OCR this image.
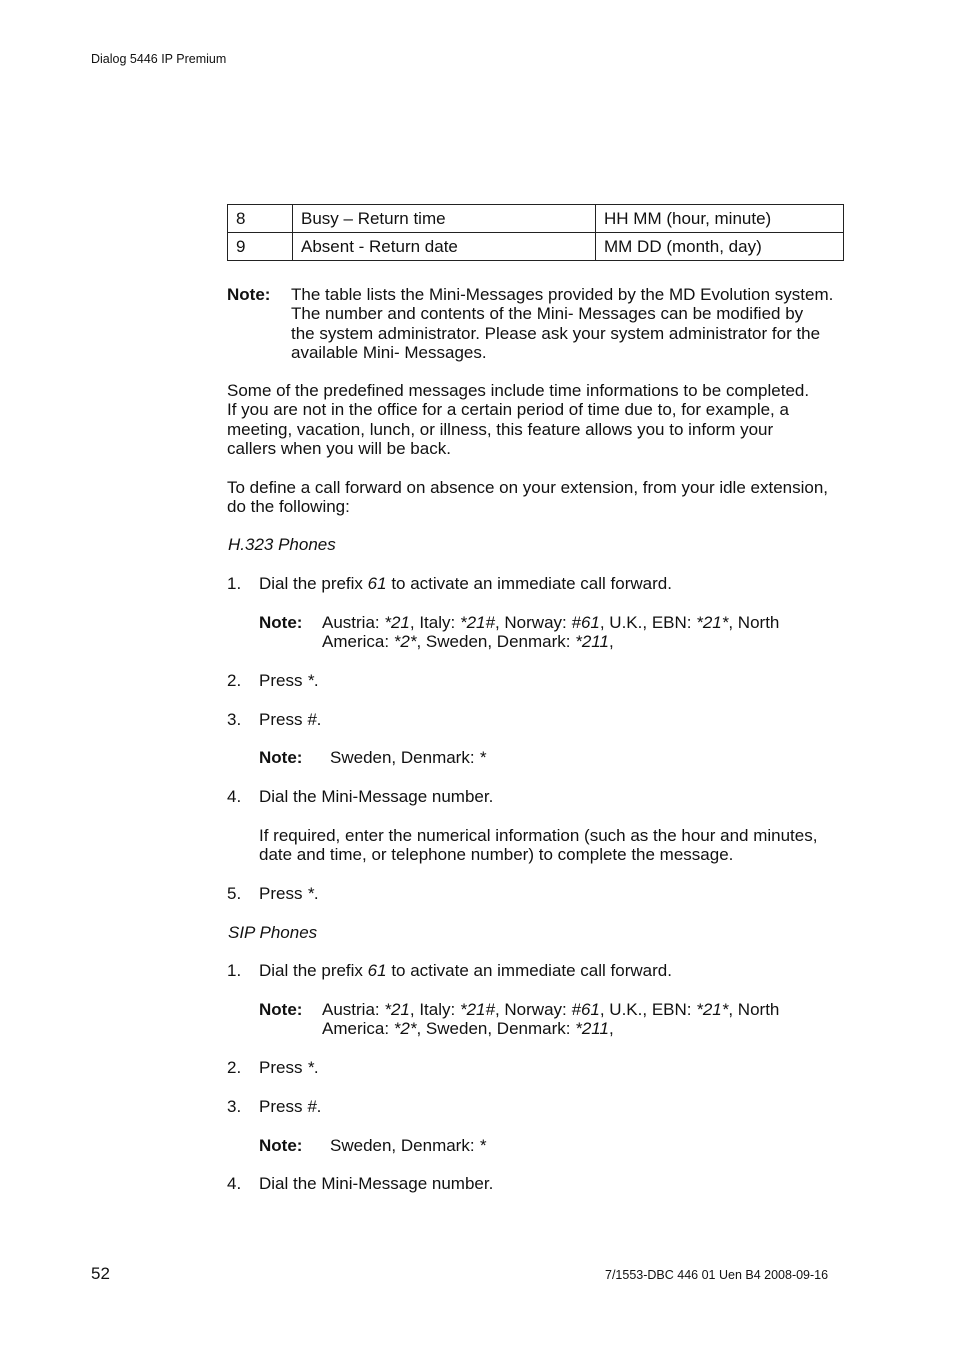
Dialog 5446 IP Premium
8	Busy – Return time	HH MM (hour, minute)
9	Absent - Return date	MM DD (month, day)
Note: The table lists the Mini-Messages provided by the MD Evolution system.
The number and contents of the Mini- Messages can be modified by
the system administrator. Please ask your system administrator for the
available Mini- Messages.
Some of the predefined messages include time informations to be completed.
If you are not in the office for a certain period of time due to, for example, a
meeting, vacation, lunch, or illness, this feature allows you to inform your
callers when you will be back.
To define a call forward on absence on your extension, from your idle extension,
do the following:
H.323 Phones
1. Dial the prefix 61 to activate an immediate call forward.
Note: Austria: *21, Italy: *21#, Norway: #61, U.K., EBN: *21*, North
America: *2*, Sweden, Denmark: *211,
2. Press *.
3. Press #.
Note: Sweden, Denmark: *
4. Dial the Mini-Message number.
If required, enter the numerical information (such as the hour and minutes,
date and time, or telephone number) to complete the message.
5. Press *.
SIP Phones
1. Dial the prefix 61 to activate an immediate call forward.
Note: Austria: *21, Italy: *21#, Norway: #61, U.K., EBN: *21*, North
America: *2*, Sweden, Denmark: *211,
2. Press *.
3. Press #.
Note: Sweden, Denmark: *
4. Dial the Mini-Message number.
52	7/1553-DBC 446 01 Uen B4 2008-09-16
